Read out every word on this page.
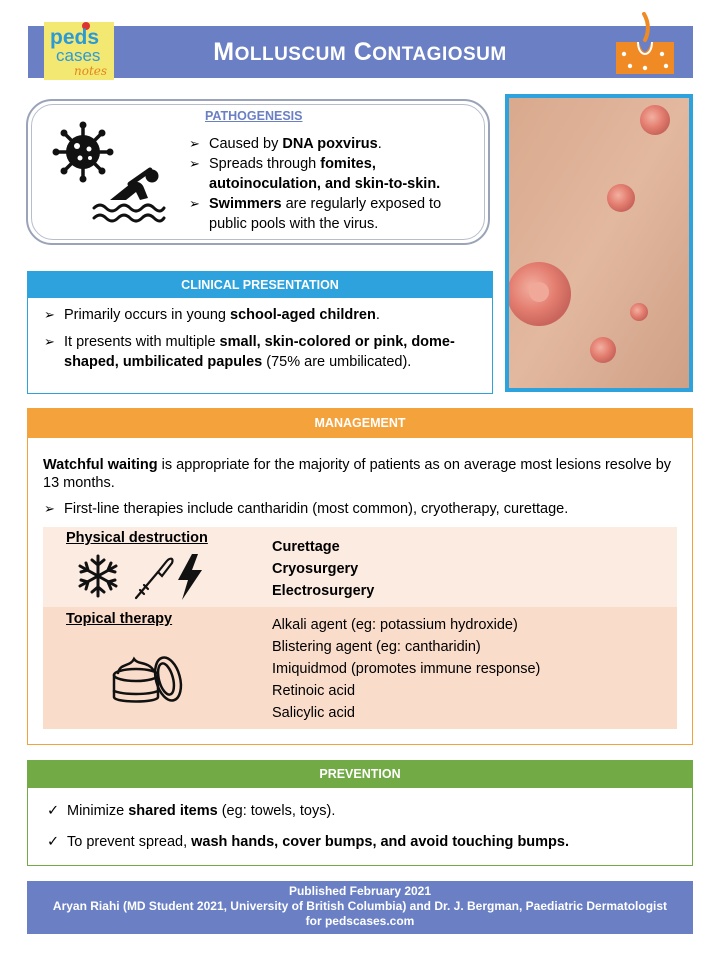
MOLLUSCUM CONTAGIOSUM
peds
cases
notes
PATHOGENESIS
➢ Caused by DNA poxvirus.
➢ Spreads through fomites, autoinoculation, and skin-to-skin.
➢ Swimmers are regularly exposed to public pools with the virus.
CLINICAL PRESENTATION
➢ Primarily occurs in young school-aged children.
➢ It presents with multiple small, skin-colored or pink, dome-shaped, umbilicated papules (75% are umbilicated).
MANAGEMENT
Watchful waiting is appropriate for the majority of patients as on average most lesions resolve by 13 months.
➢ First-line therapies include cantharidin (most common), cryotherapy, curettage.
Physical destruction
Curettage
Cryosurgery
Electrosurgery
Topical therapy	Alkali agent (eg: potassium hydroxide)
Blistering agent (eg: cantharidin)
Imiquidmod (promotes immune response)
Retinoic acid
Salicylic acid
PREVENTION
✓ Minimize shared items (eg: towels, toys).
✓ To prevent spread, wash hands, cover bumps, and avoid touching bumps.
Published February 2021
Aryan Riahi (MD Student 2021, University of British Columbia) and Dr. J. Bergman, Paediatric Dermatologist
for pedscases.com
